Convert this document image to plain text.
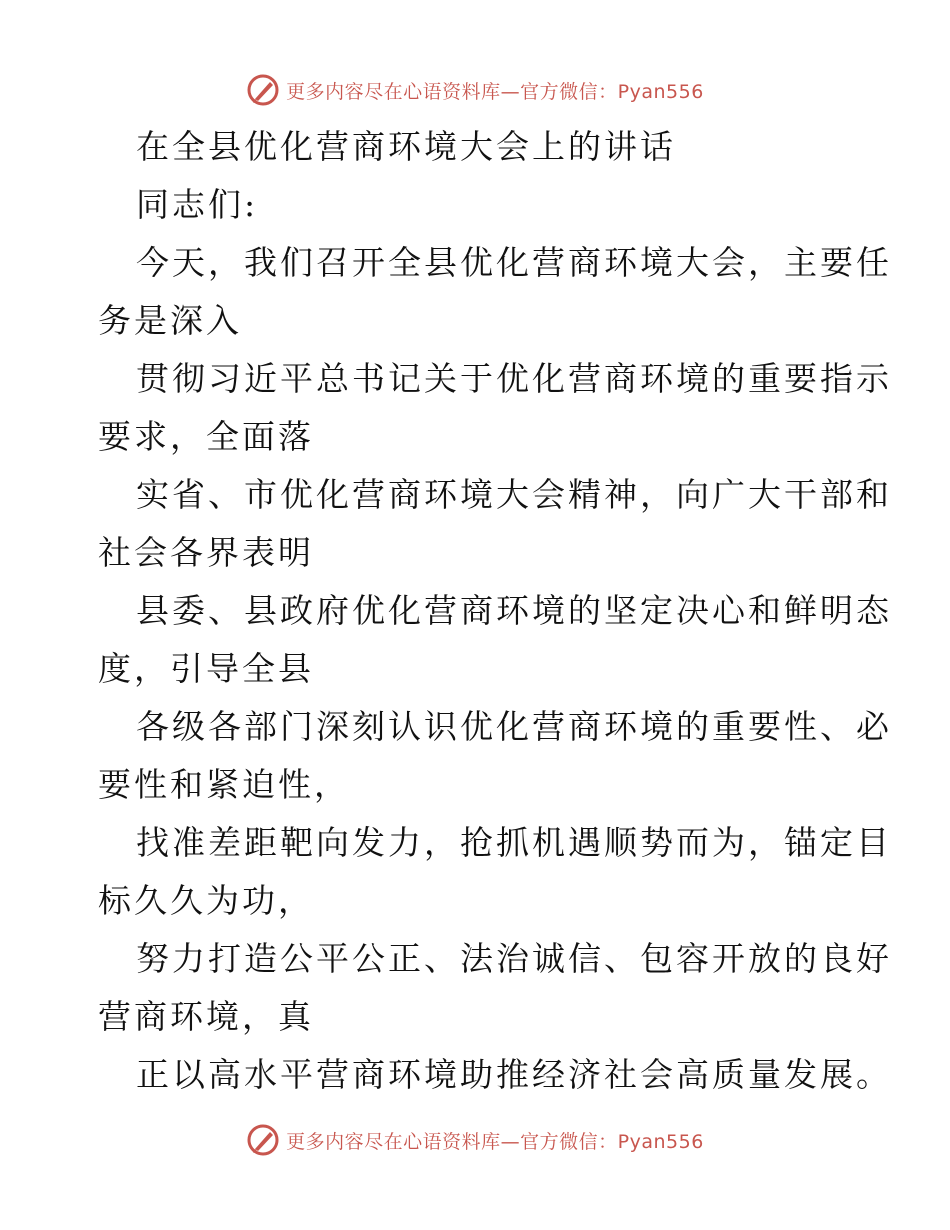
更多内容尽在心语资料库—官方微信：Pyan556
在全县优化营商环境大会上的讲话
同志们:
今天，我们召开全县优化营商环境大会，主要任
务是深入
贯彻习近平总书记关于优化营商环境的重要指示
要求，全面落
实省、市优化营商环境大会精神，向广大干部和
社会各界表明
县委、县政府优化营商环境的坚定决心和鲜明态
度，引导全县
各级各部门深刻认识优化营商环境的重要性、必
要性和紧迫性，
找准差距靶向发力，抢抓机遇顺势而为，锚定目
标久久为功，
努力打造公平公正、法治诚信、包容开放的良好
营商环境，真
正以高水平营商环境助推经济社会高质量发展。
更多内容尽在心语资料库—官方微信：Pyan556
